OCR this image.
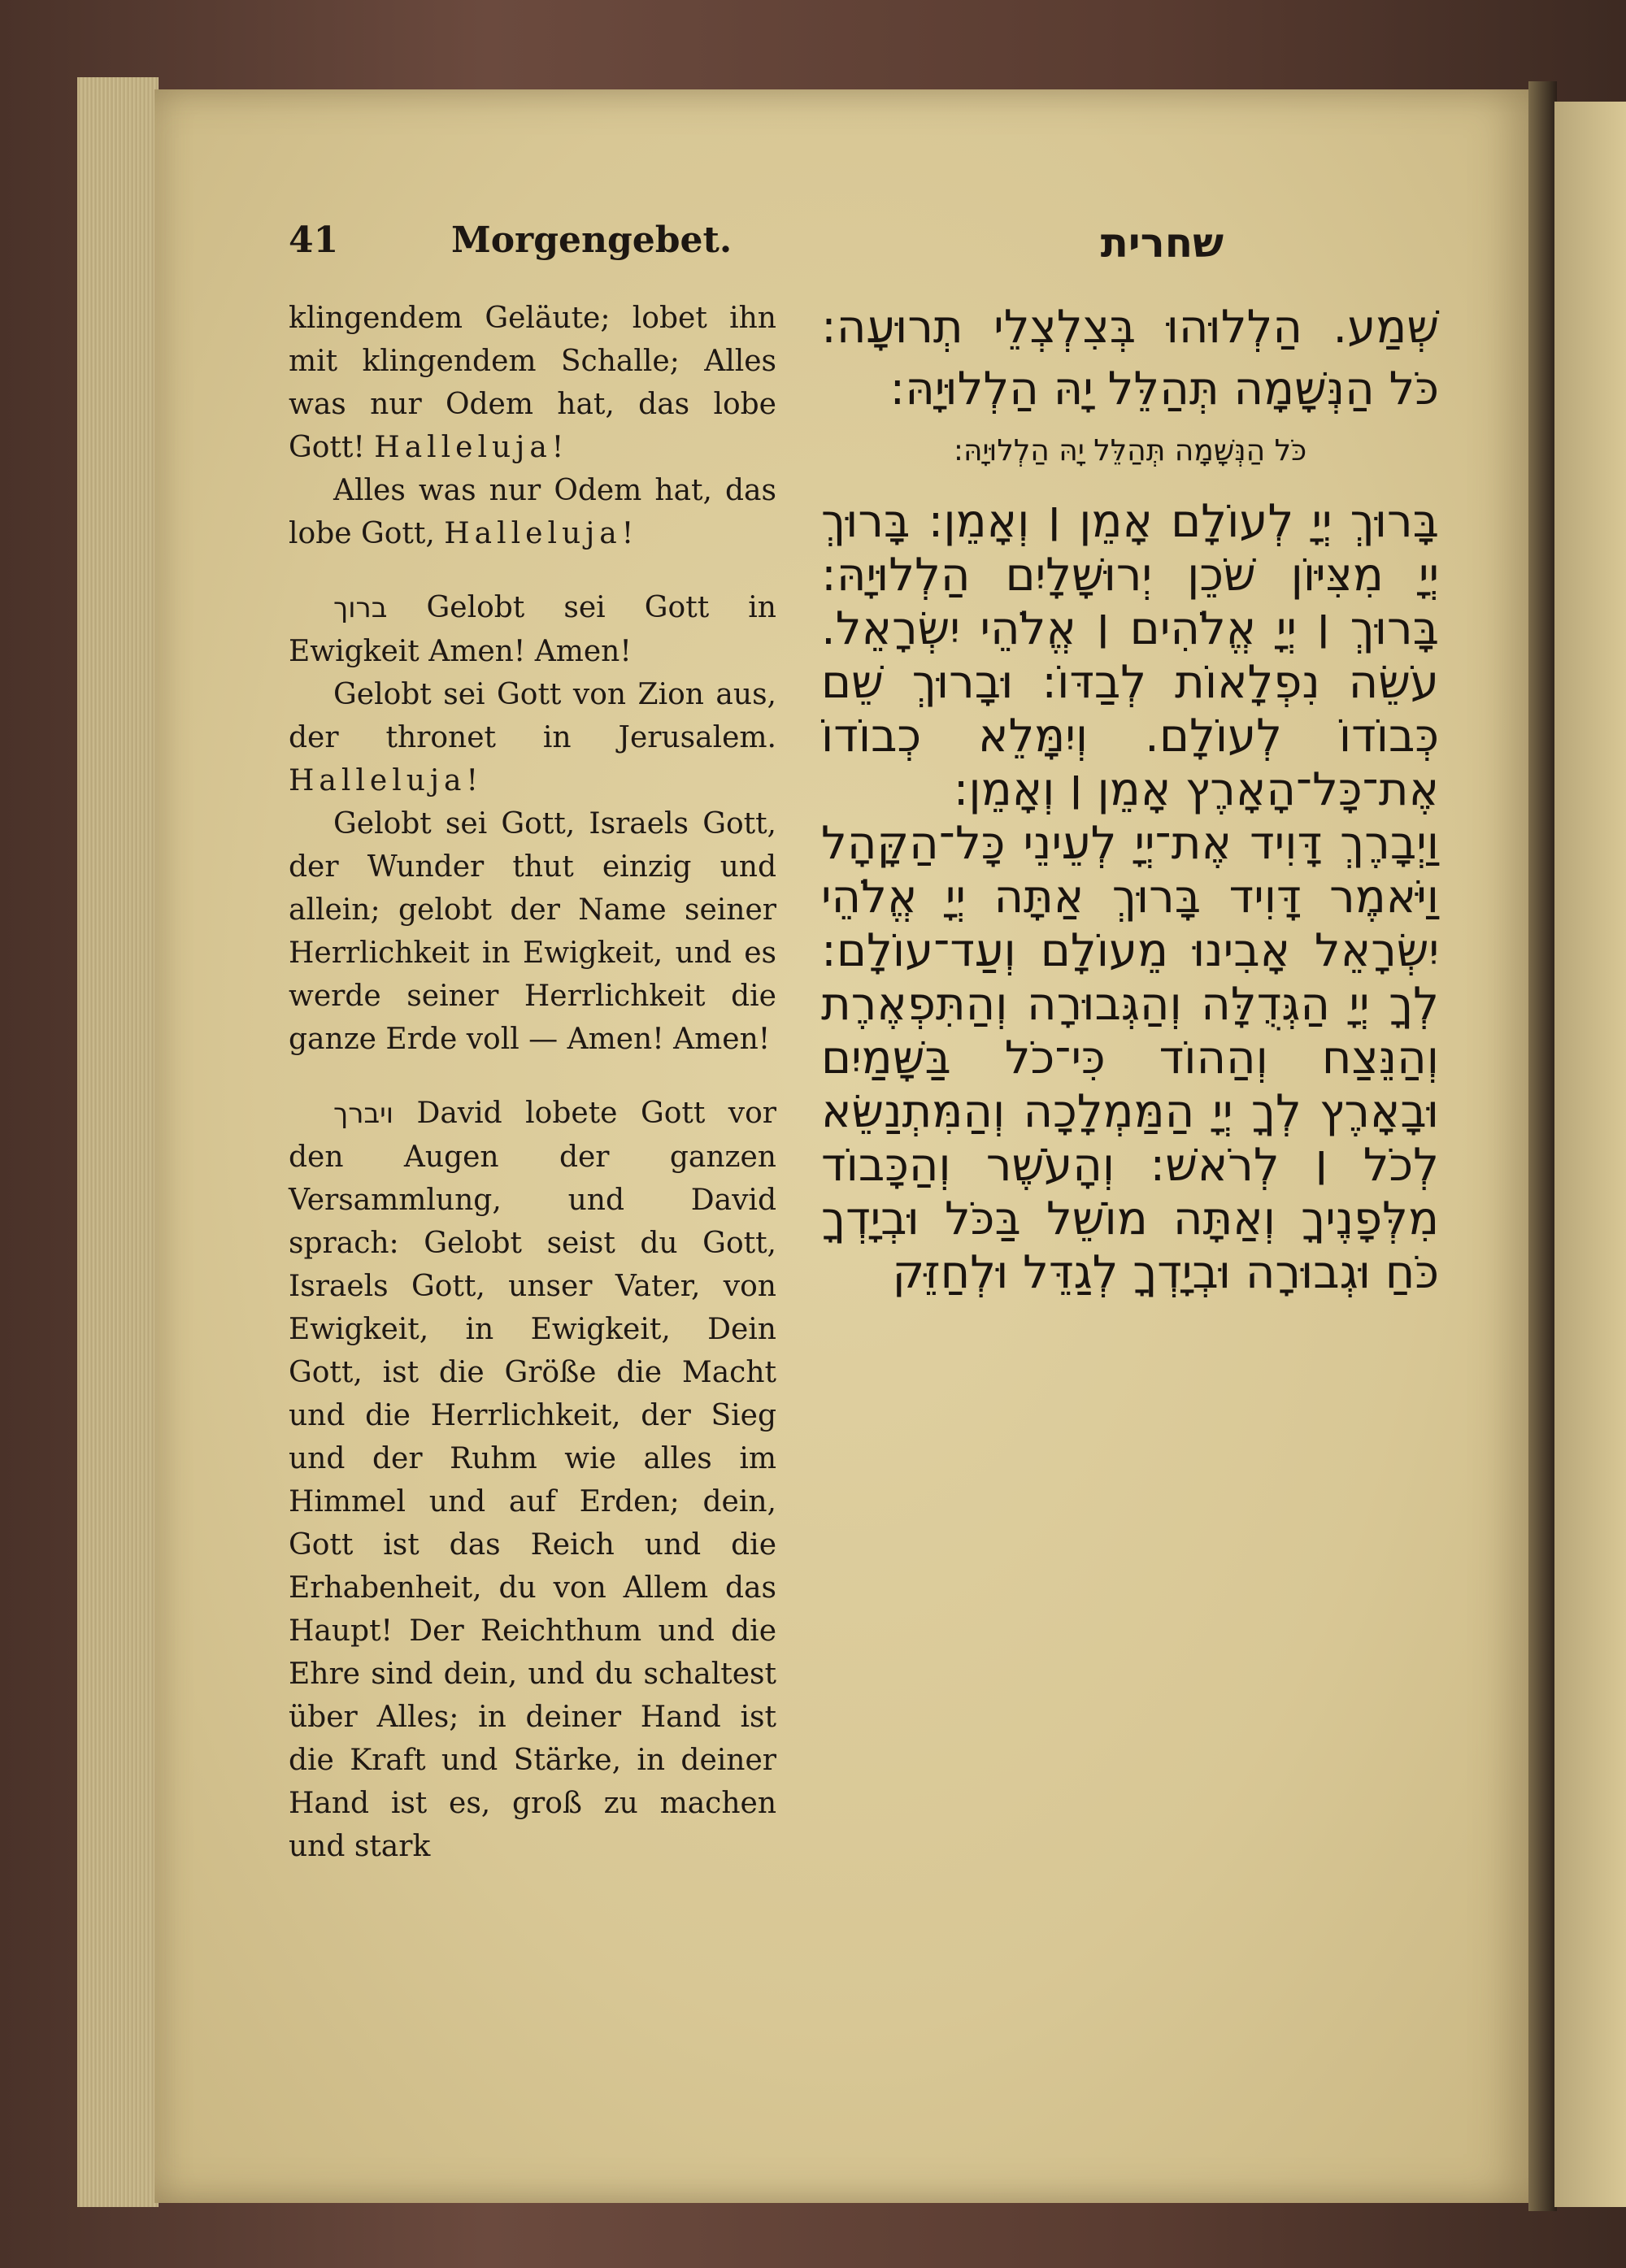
41	Morgengebet.	שחרית

klingendem Geläute; lobet ihn mit klingendem Schalle; Alles was nur Odem hat, das lobe Gott! Halleluja!

Alles was nur Odem hat, das lobe Gott, Halleluja!

ברוך Gelobt sei Gott in Ewigkeit Amen! Amen!

Gelobt sei Gott von Zion aus, der thronet in Jerusalem. Halleluja!

Gelobt sei Gott, Israels Gott, der Wunder thut einzig und allein; gelobt der Name seiner Herrlichkeit in Ewigkeit, und es werde seiner Herrlichkeit die ganze Erde voll — Amen! Amen!

ויברך David lobete Gott vor den Augen der ganzen Versammlung, und David sprach: Gelobt seist du Gott, Israels Gott, unser Vater, von Ewigkeit, in Ewigkeit, Dein Gott, ist die Größe die Macht und die Herrlichkeit, der Sieg und der Ruhm wie alles im Himmel und auf Erden; dein, Gott ist das Reich und die Erhabenheit, du von Allem das Haupt! Der Reichthum und die Ehre sind dein, und du schaltest über Alles; in deiner Hand ist die Kraft und Stärke, in deiner Hand ist es, groß zu machen und stark

שְׁמַע. הַלְלוּהוּ בְּצִלְצְלֵי תְרוּעָה: כֹּל הַנְּשָׁמָה תְּהַלֵּל יָהּ הַלְלוּיָהּ:

כֹּל הַנְּשָׁמָה תְּהַלֵּל יָהּ הַלְלוּיָהּ:

בָּרוּךְ יְיָ לְעוֹלָם אָמֵן ׀ וְאָמֵן: בָּרוּךְ יְיָ מִצִּיּוֹן שֹׁכֵן יְרוּשָׁלָיִם הַלְלוּיָהּ: בָּרוּךְ ׀ יְיָ אֱלֹהִים ׀ אֱלֹהֵי יִשְׂרָאֵל. עֹשֵׂה נִפְלָאוֹת לְבַדּוֹ: וּבָרוּךְ שֵׁם כְּבוֹדוֹ לְעוֹלָם. וְיִמָּלֵא כְבוֹדוֹ אֶת־כָּל־הָאָרֶץ אָמֵן ׀ וְאָמֵן:

וַיְבָרֶךְ דָּוִיד אֶת־יְיָ לְעֵינֵי כָּל־הַקָּהָל וַיֹּאמֶר דָּוִיד בָּרוּךְ אַתָּה יְיָ אֱלֹהֵי יִשְׂרָאֵל אָבִינוּ מֵעוֹלָם וְעַד־עוֹלָם: לְךָ יְיָ הַגְּדֻלָּה וְהַגְּבוּרָה וְהַתִּפְאֶרֶת וְהַנֵּצַח וְהַהוֹד כִּי־כֹל בַּשָּׁמַיִם וּבָאָרֶץ לְךָ יְיָ הַמַּמְלָכָה וְהַמִּתְנַשֵּׂא לְכֹל ׀ לְרֹאשׁ: וְהָעֹשֶׁר וְהַכָּבוֹד מִלְּפָנֶיךָ וְאַתָּה מוֹשֵׁל בַּכֹּל וּבְיָדְךָ כֹּחַ וּגְבוּרָה וּבְיָדְךָ לְגַדֵּל וּלְחַזֵּק
